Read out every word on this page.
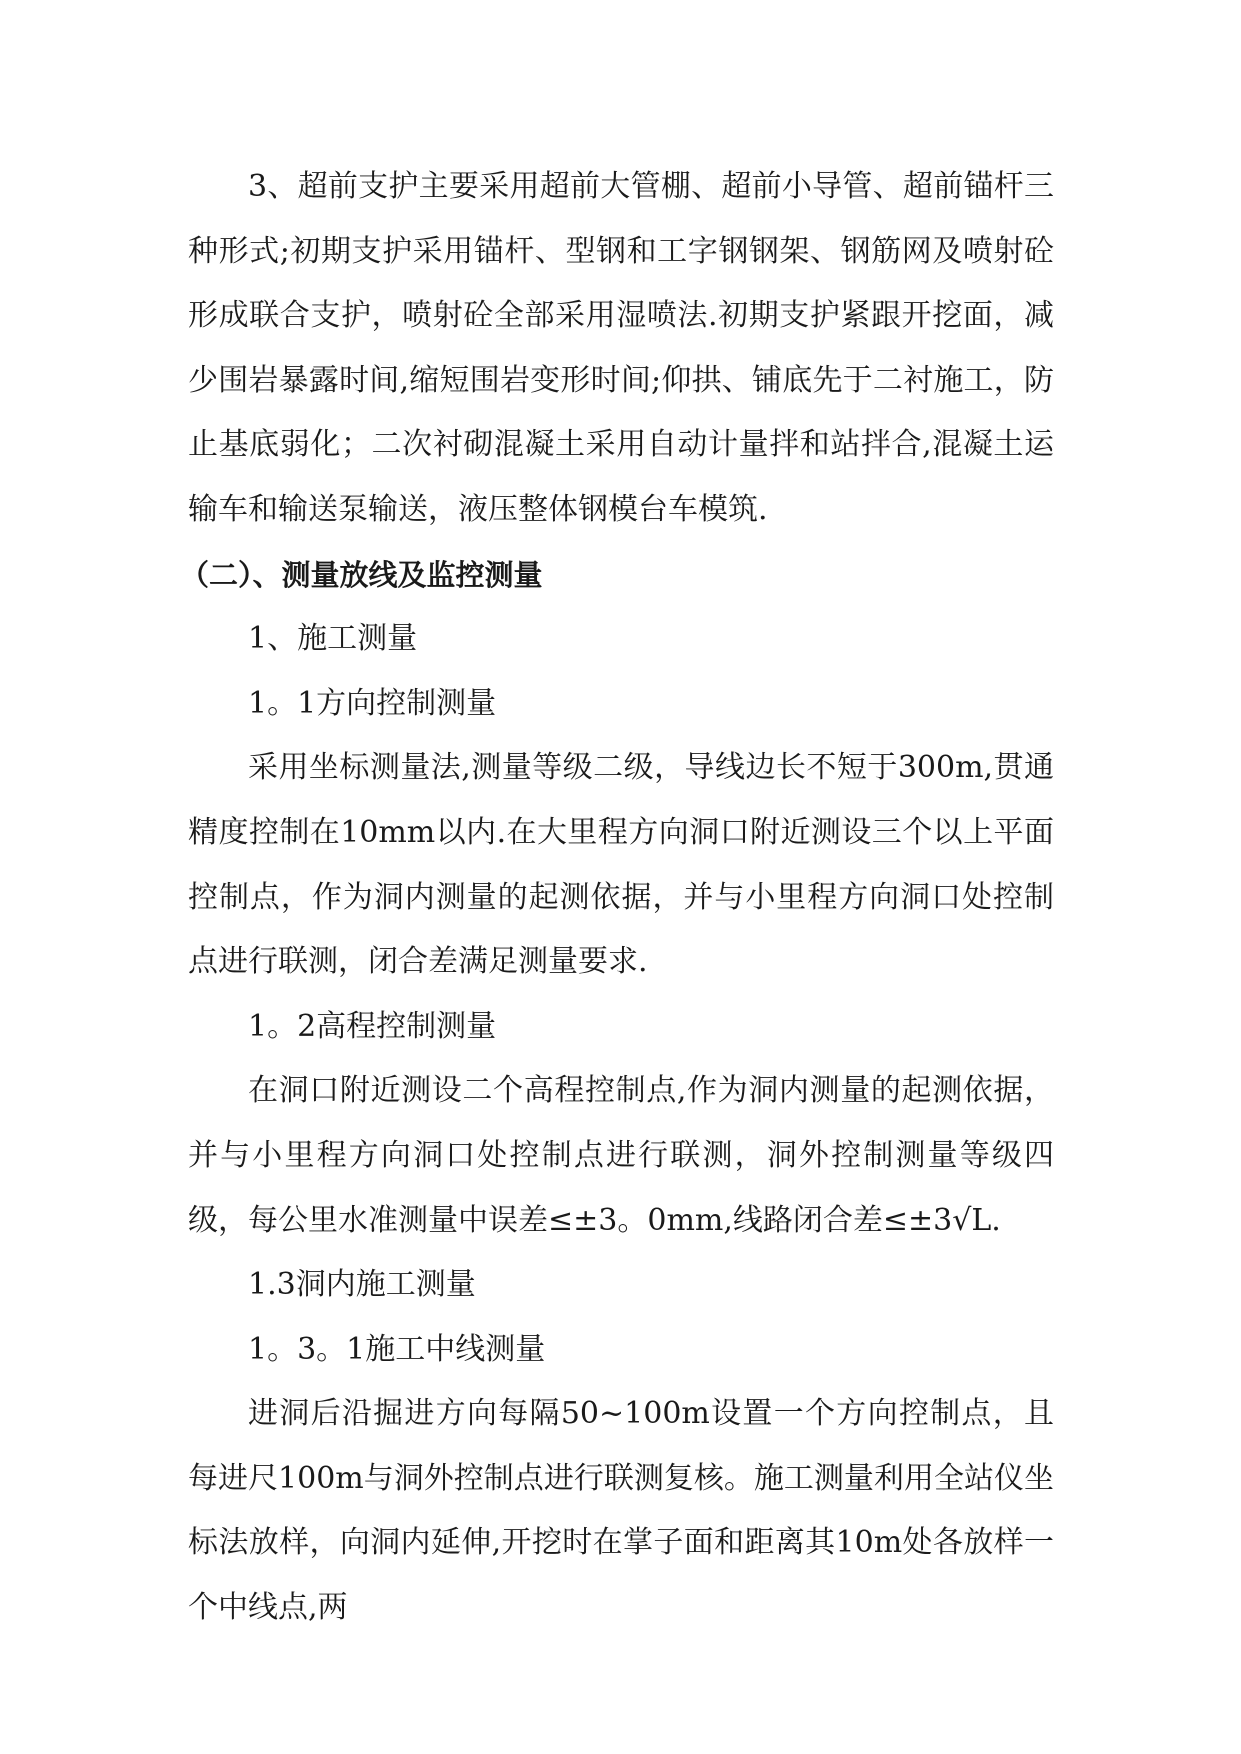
3、超前支护主要采用超前大管棚、超前小导管、超前锚杆三种形式;初期支护采用锚杆、型钢和工字钢钢架、钢筋网及喷射砼形成联合支护，喷射砼全部采用湿喷法.初期支护紧跟开挖面，减少围岩暴露时间,缩短围岩变形时间;仰拱、铺底先于二衬施工，防止基底弱化；二次衬砌混凝土采用自动计量拌和站拌合,混凝土运输车和输送泵输送，液压整体钢模台车模筑.

（二）、测量放线及监控测量

1、施工测量

1。1方向控制测量

采用坐标测量法,测量等级二级，导线边长不短于300m,贯通精度控制在10mm以内.在大里程方向洞口附近测设三个以上平面控制点，作为洞内测量的起测依据，并与小里程方向洞口处控制点进行联测，闭合差满足测量要求.

1。2高程控制测量

在洞口附近测设二个高程控制点,作为洞内测量的起测依据，并与小里程方向洞口处控制点进行联测，洞外控制测量等级四级，每公里水准测量中误差≤±3。0mm,线路闭合差≤±3√L.

1.3洞内施工测量

1。3。1施工中线测量

进洞后沿掘进方向每隔50~100m设置一个方向控制点，且每进尺100m与洞外控制点进行联测复核。施工测量利用全站仪坐标法放样，向洞内延伸,开挖时在掌子面和距离其10m处各放样一个中线点,两
